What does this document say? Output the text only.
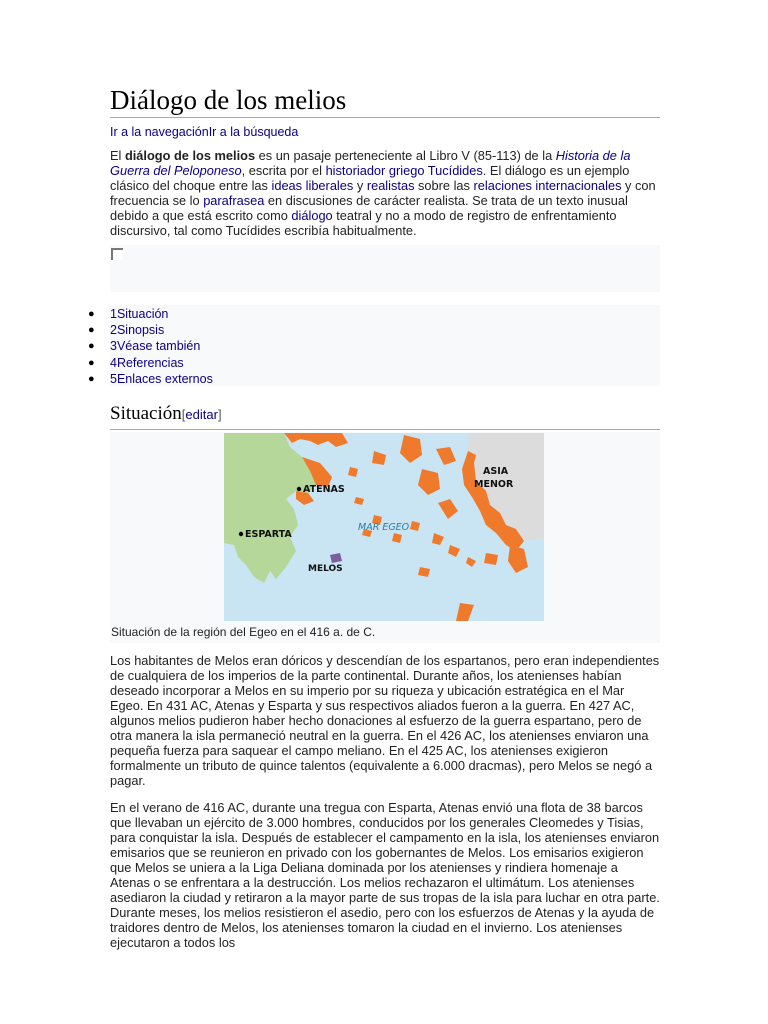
Diálogo de los melios
Ir a la navegaciónIr a la búsqueda

El diálogo de los melios es un pasaje perteneciente al Libro V (85-113) de la Historia de la Guerra del Peloponeso, escrita por el historiador griego Tucídides. El diálogo es un ejemplo clásico del choque entre las ideas liberales y realistas sobre las relaciones internacionales y con frecuencia se lo parafrasea en discusiones de carácter realista. Se trata de un texto inusual debido a que está escrito como diálogo teatral y no a modo de registro de enfrentamiento discursivo, tal como Tucídides escribía habitualmente.

● 1Situación
● 2Sinopsis
● 3Véase también
● 4Referencias
● 5Enlaces externos
Situación[editar]
ATENAS
ESPARTA
MELOS
MAR EGEO
ASIA
MENOR
Situación de la región del Egeo en el 416 a. de C.

Los habitantes de Melos eran dóricos y descendían de los espartanos, pero eran independientes de cualquiera de los imperios de la parte continental. Durante años, los atenienses habían deseado incorporar a Melos en su imperio por su riqueza y ubicación estratégica en el Mar Egeo. En 431 AC, Atenas y Esparta y sus respectivos aliados fueron a la guerra. En 427 AC, algunos melios pudieron haber hecho donaciones al esfuerzo de la guerra espartano, pero de otra manera la isla permaneció neutral en la guerra. En el 426 AC, los atenienses enviaron una pequeña fuerza para saquear el campo meliano. En el 425 AC, los atenienses exigieron formalmente un tributo de quince talentos (equivalente a 6.000 dracmas), pero Melos se negó a pagar.

En el verano de 416 AC, durante una tregua con Esparta, Atenas envió una flota de 38 barcos que llevaban un ejército de 3.000 hombres, conducidos por los generales Cleomedes y Tisias, para conquistar la isla. Después de establecer el campamento en la isla, los atenienses enviaron emisarios que se reunieron en privado con los gobernantes de Melos. Los emisarios exigieron que Melos se uniera a la Liga Deliana dominada por los atenienses y rindiera homenaje a Atenas o se enfrentara a la destrucción. Los melios rechazaron el ultimátum. Los atenienses asediaron la ciudad y retiraron a la mayor parte de sus tropas de la isla para luchar en otra parte. Durante meses, los melios resistieron el asedio, pero con los esfuerzos de Atenas y la ayuda de traidores dentro de Melos, los atenienses tomaron la ciudad en el invierno. Los atenienses ejecutaron a todos los
